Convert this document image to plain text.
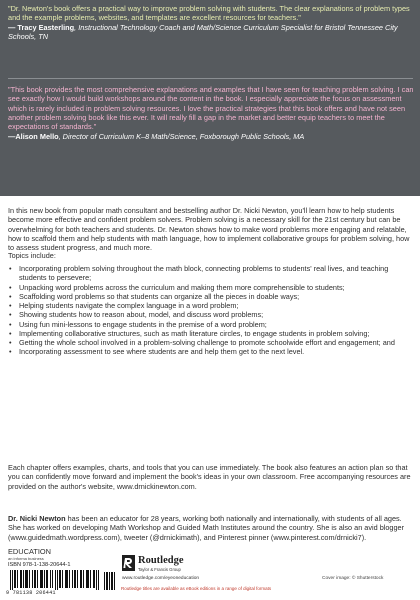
"Dr. Newton's book offers a practical way to improve problem solving with students. The clear explanations of problem types and the example problems, websites, and templates are excellent resources for teachers."
— Tracy Easterling, Instructional Technology Coach and Math/Science Curriculum Specialist for Bristol Tennessee City Schools, TN
"This book provides the most comprehensive explanations and examples that I have seen for teaching problem solving. I can see exactly how I would build workshops around the content in the book. I especially appreciate the focus on assessment which is rarely included in problem solving resources. I love the practical strategies that this book offers and have not seen another problem solving book like this ever. It will really fill a gap in the market and better equip teachers to meet the expectations of standards."
—Alison Mello, Director of Curriculum K–8 Math/Science, Foxborough Public Schools, MA

In this new book from popular math consultant and bestselling author Dr. Nicki Newton, you'll learn how to help students become more effective and confident problem solvers. Problem solving is a necessary skill for the 21st century but can be overwhelming for both teachers and students. Dr. Newton shows how to make word problems more engaging and relatable, how to scaffold them and help students with math language, how to implement collaborative groups for problem solving, how to assess student progress, and much more.

Topics include:

• Incorporating problem solving throughout the math block, connecting problems to students' real lives, and teaching students to persevere;
• Unpacking word problems across the curriculum and making them more comprehensible to students;
• Scaffolding word problems so that students can organize all the pieces in doable ways;
• Helping students navigate the complex language in a word problem;
• Showing students how to reason about, model, and discuss word problems;
• Using fun mini-lessons to engage students in the premise of a word problem;
• Implementing collaborative structures, such as math literature circles, to engage students in problem solving;
• Getting the whole school involved in a problem-solving challenge to promote schoolwide effort and engagement; and
• Incorporating assessment to see where students are and help them get to the next level.

Each chapter offers examples, charts, and tools that you can use immediately. The book also features an action plan so that you can confidently move forward and implement the book's ideas in your own classroom. Free accompanying resources are provided on the author's website, www.drnickinewton.com.

Dr. Nicki Newton has been an educator for 28 years, working both nationally and internationally, with students of all ages. She has worked on developing Math Workshop and Guided Math Institutes around the country. She is also an avid blogger (www.guidedmath.wordpress.com), tweeter (@drnickimath), and Pinterest pinner (www.pinterest.com/drnicki7).

EDUCATION
an informa business
ISBN 978-1-138-20644-1
9 781138 206441
Routledge
Taylor & Francis Group
www.routledge.com/eyeoneducation	Cover image: © Shutterstock
Routledge titles are available as eBook editions in a range of digital formats
